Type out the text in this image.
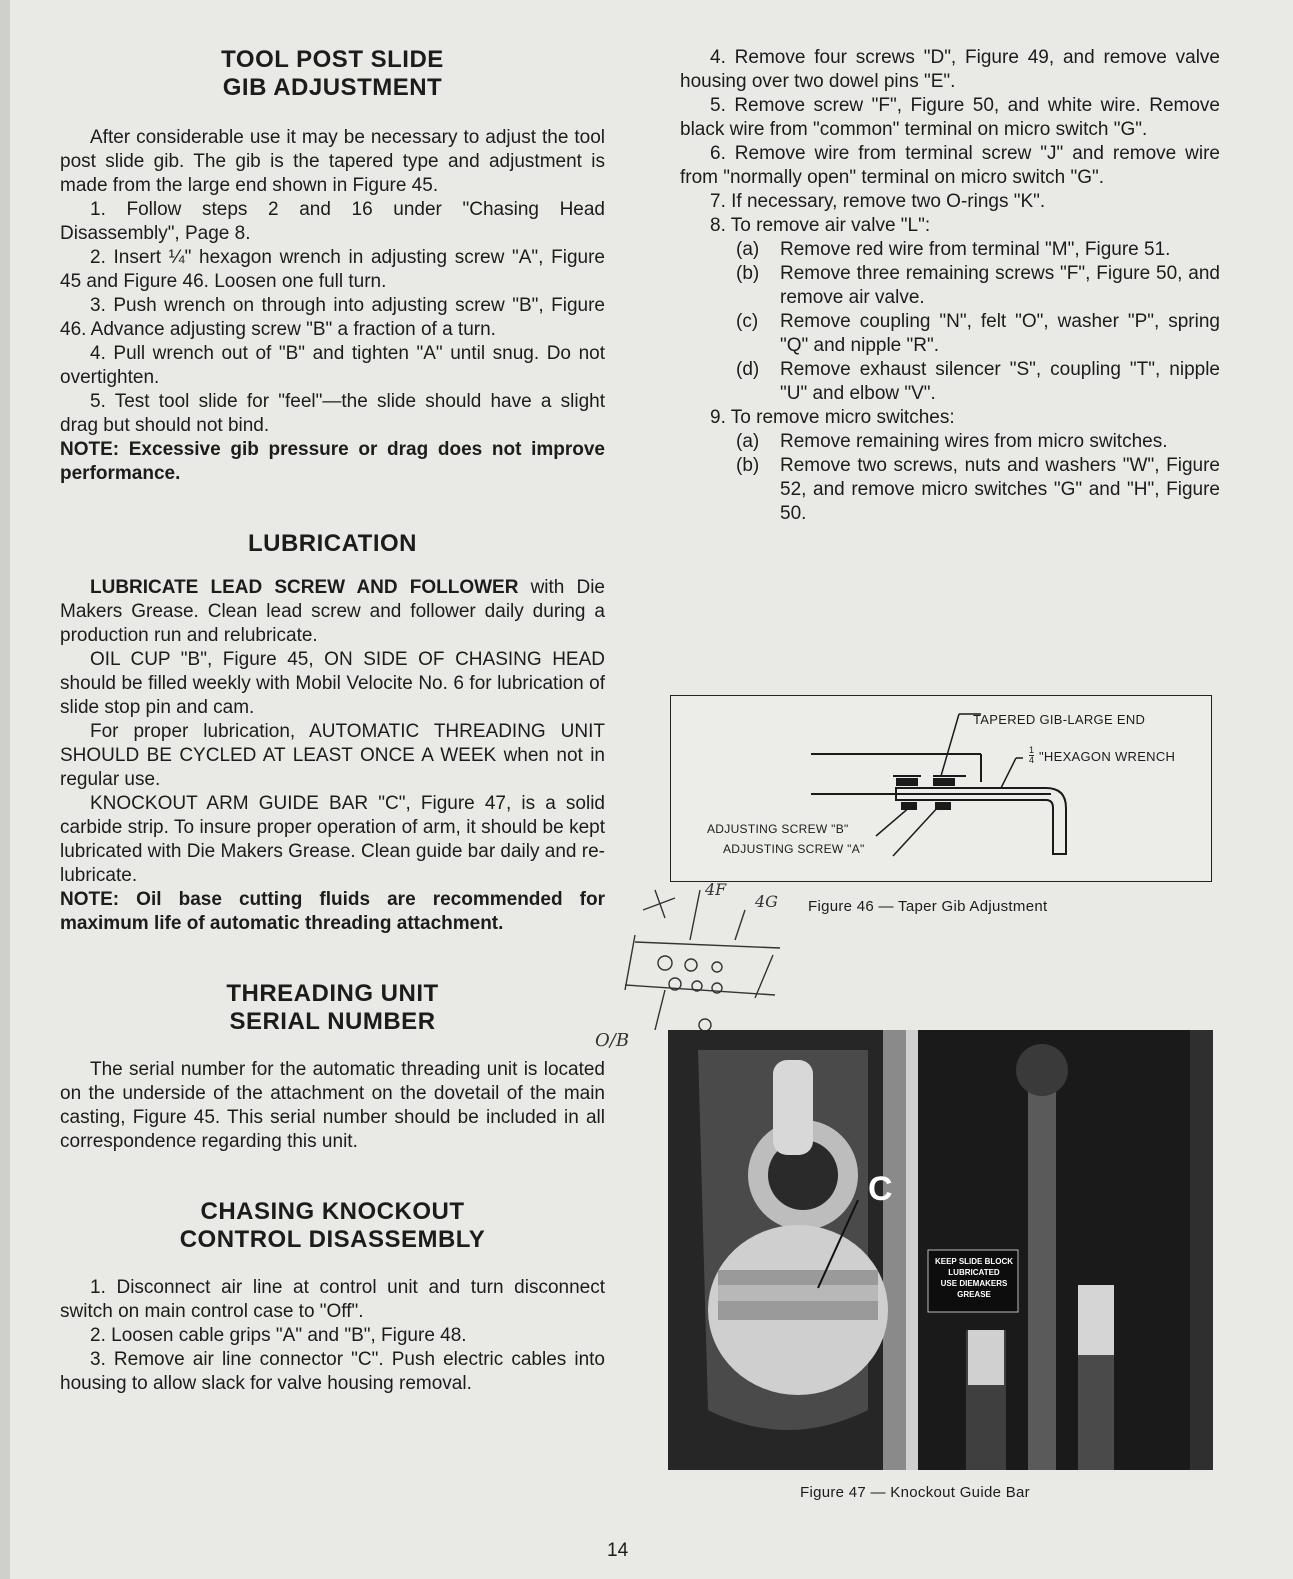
TOOL POST SLIDE
GIB ADJUSTMENT

After considerable use it may be necessary to adjust the tool post slide gib. The gib is the tapered type and adjustment is made from the large end shown in Figure 45.

1. Follow steps 2 and 16 under "Chasing Head Disassembly", Page 8.

2. Insert ¼" hexagon wrench in adjusting screw "A", Figure 45 and Figure 46. Loosen one full turn.

3. Push wrench on through into adjusting screw "B", Figure 46. Advance adjusting screw "B" a fraction of a turn.

4. Pull wrench out of "B" and tighten "A" until snug. Do not overtighten.

5. Test tool slide for "feel"—the slide should have a slight drag but should not bind.

NOTE: Excessive gib pressure or drag does not improve performance.

LUBRICATION

LUBRICATE LEAD SCREW AND FOLLOWER with Die Makers Grease. Clean lead screw and follower daily during a production run and relubricate.

OIL CUP "B", Figure 45, ON SIDE OF CHASING HEAD should be filled weekly with Mobil Velocite No. 6 for lubrication of slide stop pin and cam.

For proper lubrication, AUTOMATIC THREADING UNIT SHOULD BE CYCLED AT LEAST ONCE A WEEK when not in regular use.

KNOCKOUT ARM GUIDE BAR "C", Figure 47, is a solid carbide strip. To insure proper operation of arm, it should be kept lubricated with Die Makers Grease. Clean guide bar daily and re-lubricate.

NOTE: Oil base cutting fluids are recommended for maximum life of automatic threading attachment.

THREADING UNIT
SERIAL NUMBER

The serial number for the automatic threading unit is located on the underside of the attachment on the dovetail of the main casting, Figure 45. This serial number should be included in all correspondence regarding this unit.

CHASING KNOCKOUT
CONTROL DISASSEMBLY

1. Disconnect air line at control unit and turn disconnect switch on main control case to "Off".

2. Loosen cable grips "A" and "B", Figure 48.

3. Remove air line connector "C". Push electric cables into housing to allow slack for valve housing removal.

4. Remove four screws "D", Figure 49, and remove valve housing over two dowel pins "E".

5. Remove screw "F", Figure 50, and white wire. Remove black wire from "common" terminal on micro switch "G".

6. Remove wire from terminal screw "J" and remove wire from "normally open" terminal on micro switch "G".

7. If necessary, remove two O-rings "K".

8. To remove air valve "L":

(a)	Remove red wire from terminal "M", Figure 51.
(b)	Remove three remaining screws "F", Figure 50, and remove air valve.
(c)	Remove coupling "N", felt "O", washer "P", spring "Q" and nipple "R".
(d)	Remove exhaust silencer "S", coupling "T", nipple "U" and elbow "V".

9. To remove micro switches:

(a)	Remove remaining wires from micro switches.
(b)	Remove two screws, nuts and washers "W", Figure 52, and remove micro switches "G" and "H", Figure 50.
TAPERED GIB-LARGE END
$\frac{1}{4}$ "HEXAGON WRENCH
ADJUSTING SCREW "B"
ADJUSTING SCREW "A"
Figure 46 — Taper Gib Adjustment
4F
4G
O/B
C
KEEP SLIDE BLOCK
LUBRICATED
USE DIEMAKERS
GREASE
Figure 47 — Knockout Guide Bar
14
